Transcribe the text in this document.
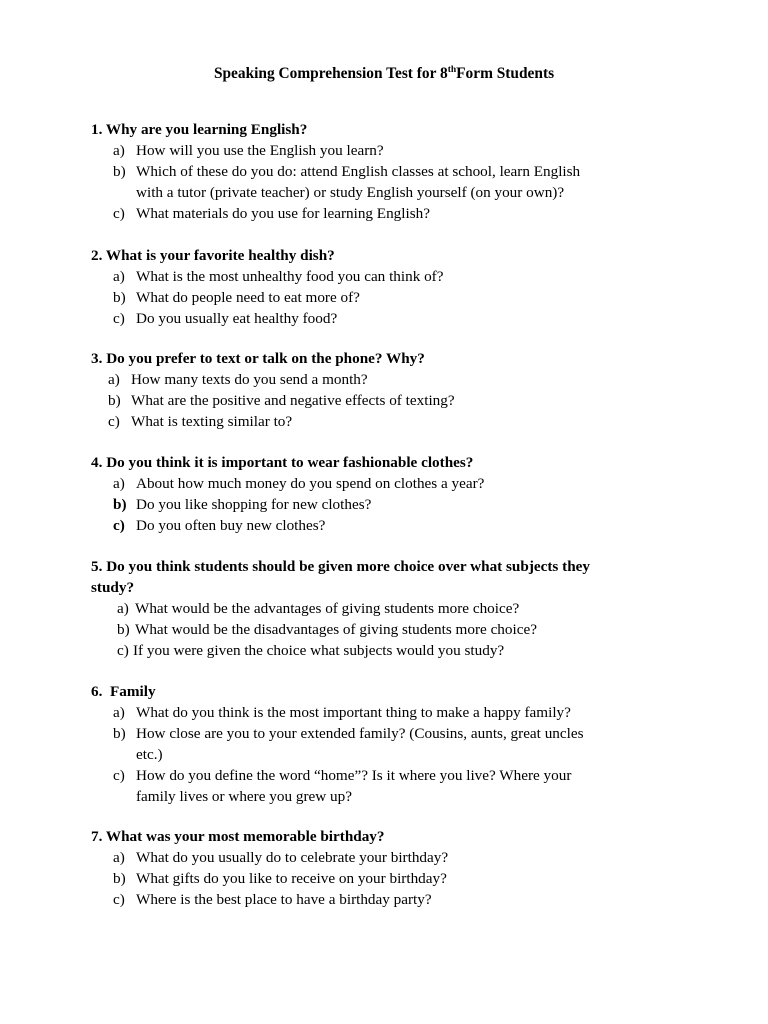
Speaking Comprehension Test for 8thForm Students
1. Why are you learning English?
a) How will you use the English you learn?
b) Which of these do you do: attend English classes at school, learn English
with a tutor (private teacher) or study English yourself (on your own)?
c) What materials do you use for learning English?
2. What is your favorite healthy dish?
a) What is the most unhealthy food you can think of?
b) What do people need to eat more of?
c) Do you usually eat healthy food?
3. Do you prefer to text or talk on the phone? Why?
a) How many texts do you send a month?
b) What are the positive and negative effects of texting?
c) What is texting similar to?
4. Do you think it is important to wear fashionable clothes?
a) About how much money do you spend on clothes a year?
b) Do you like shopping for new clothes?
c) Do you often buy new clothes?
5. Do you think students should be given more choice over what subjects they
study?
a) What would be the advantages of giving students more choice?
b) What would be the disadvantages of giving students more choice?
c) If you were given the choice what subjects would you study?
6. Family
a) What do you think is the most important thing to make a happy family?
b) How close are you to your extended family? (Cousins, aunts, great uncles
etc.)
c) How do you define the word “home”? Is it where you live? Where your
family lives or where you grew up?
7. What was your most memorable birthday?
a) What do you usually do to celebrate your birthday?
b) What gifts do you like to receive on your birthday?
c) Where is the best place to have a birthday party?
